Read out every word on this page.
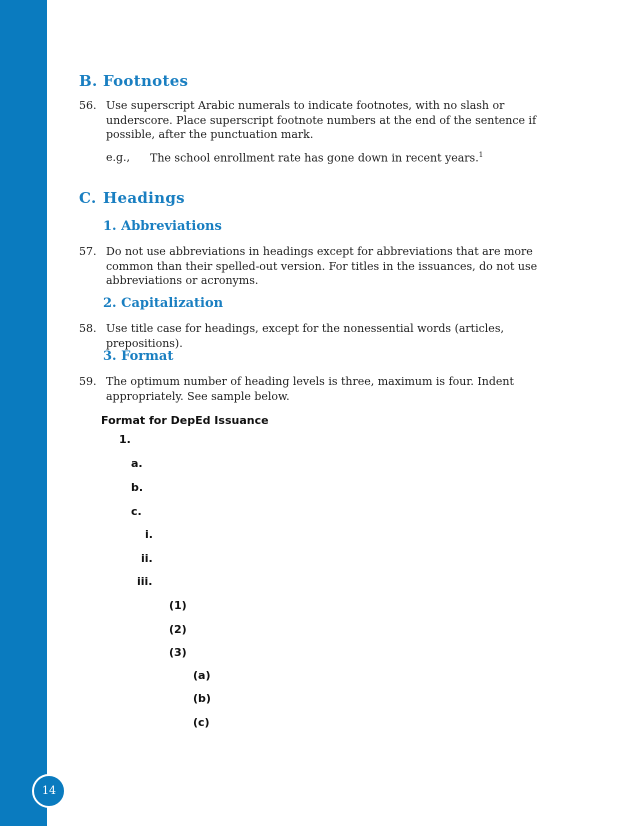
B. Footnotes
56. Use superscript Arabic numerals to indicate footnotes, with no slash or underscore. Place superscript footnote numbers at the end of the sentence if possible, after the punctuation mark.
e.g., The school enrollment rate has gone down in recent years.$^1$
C. Headings
1. Abbreviations
57. Do not use abbreviations in headings except for abbreviations that are more common than their spelled-out version. For titles in the issuances, do not use abbreviations or acronyms.
2. Capitalization
58. Use title case for headings, except for the nonessential words (articles, prepositions).
3. Format
59. The optimum number of heading levels is three, maximum is four. Indent appropriately. See sample below.
Format for DepEd Issuance
1.
a.
b.
c.
i.
ii.
iii.
(1)
(2)
(3)
(a)
(b)
(c)
14
